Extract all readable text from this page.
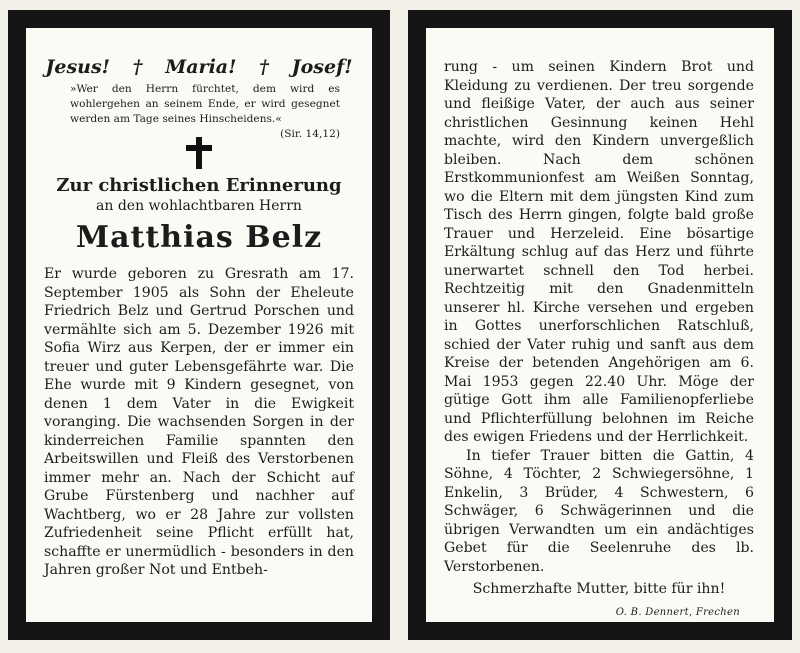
Jesus! † Maria! † Josef!

»Wer den Herrn fürchtet, dem wird es wohlergehen an seinem Ende, er wird gesegnet werden am Tage seines Hinscheidens.«
(Sir. 14,12)

Zur christlichen Erinnerung

an den wohlachtbaren Herrn

Matthias Belz

Er wurde geboren zu Gresrath am 17. September 1905 als Sohn der Eheleute Friedrich Belz und Gertrud Porschen und vermählte sich am 5. Dezember 1926 mit Sofia Wirz aus Kerpen, der er immer ein treuer und guter Lebensgefährte war. Die Ehe wurde mit 9 Kindern gesegnet, von denen 1 dem Vater in die Ewigkeit voranging. Die wachsenden Sorgen in der kinderreichen Familie spannten den Arbeitswillen und Fleiß des Verstorbenen immer mehr an. Nach der Schicht auf Grube Fürstenberg und nachher auf Wachtberg, wo er 28 Jahre zur vollsten Zufriedenheit seine Pflicht erfüllt hat, schaffte er unermüdlich - besonders in den Jahren großer Not und Entbeh-

rung - um seinen Kindern Brot und Kleidung zu verdienen. Der treu sorgende und fleißige Vater, der auch aus seiner christlichen Gesinnung keinen Hehl machte, wird den Kindern unvergeßlich bleiben. Nach dem schönen Erstkommunionfest am Weißen Sonntag, wo die Eltern mit dem jüngsten Kind zum Tisch des Herrn gingen, folgte bald große Trauer und Herzeleid. Eine bösartige Erkältung schlug auf das Herz und führte unerwartet schnell den Tod herbei. Rechtzeitig mit den Gnadenmitteln unserer hl. Kirche versehen und ergeben in Gottes unerforschlichen Ratschluß, schied der Vater ruhig und sanft aus dem Kreise der betenden Angehörigen am 6. Mai 1953 gegen 22.40 Uhr. Möge der gütige Gott ihm alle Familienopferliebe und Pflichterfüllung belohnen im Reiche des ewigen Friedens und der Herrlichkeit.

In tiefer Trauer bitten die Gattin, 4 Söhne, 4 Töchter, 2 Schwiegersöhne, 1 Enkelin, 3 Brüder, 4 Schwestern, 6 Schwäger, 6 Schwägerinnen und die übrigen Verwandten um ein andächtiges Gebet für die Seelenruhe des lb. Verstorbenen.

Schmerzhafte Mutter, bitte für ihn!

O. B. Dennert, Frechen
